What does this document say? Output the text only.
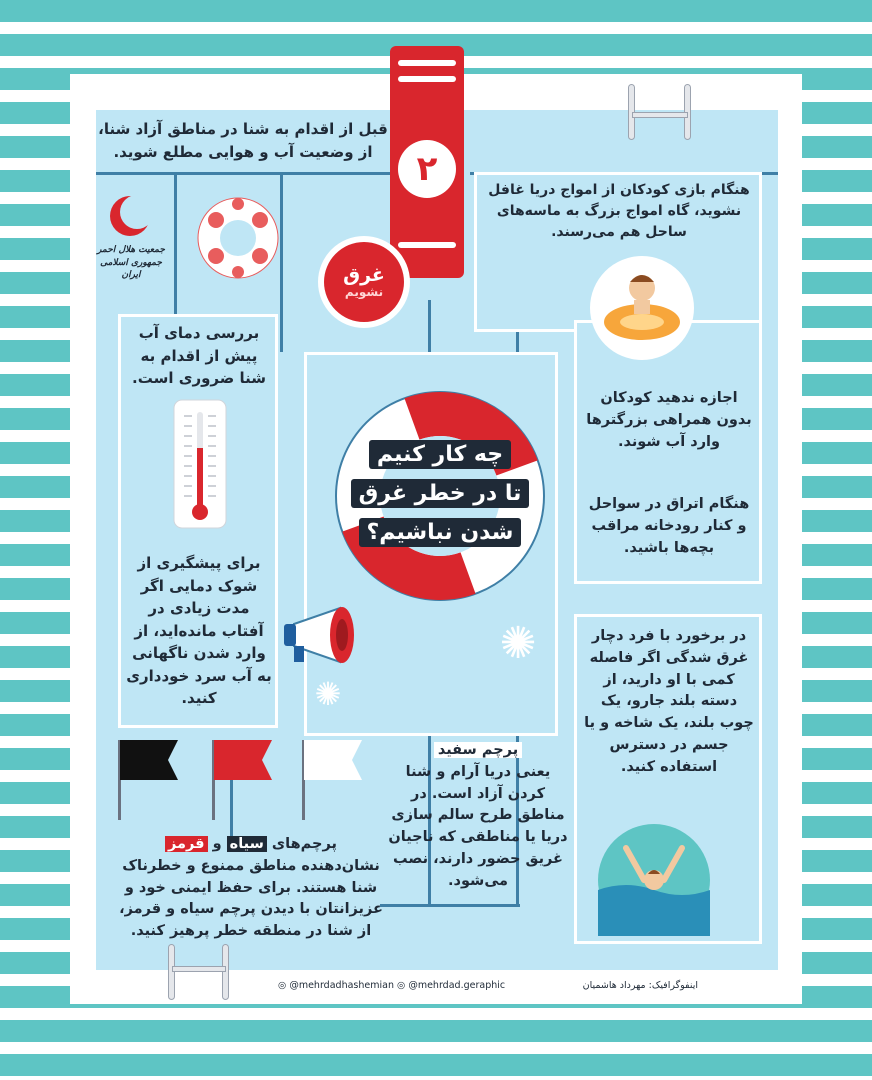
۲
غرق
نشویم
جمعیت هلال احمر
جمهوری اسلامی ایران
قبل از اقدام به شنا در مناطق آزاد شنا، از وضعیت آب و هوایی مطلع شوید.
هنگام بازی کودکان از امواج دریا غافل نشوید، گاه امواج بزرگ به ماسه‌های ساحل هم می‌رسند.
اجازه ندهید کودکان بدون همراهی بزرگترها وارد آب شوند.
هنگام اتراق در سواحل و کنار رودخانه مراقب بچه‌ها باشید.
در برخورد با فرد دچار غرق شدگی اگر فاصله کمی با او دارید، از دسته بلند جارو، یک چوب بلند، یک شاخه و یا جسم در دسترس استفاده کنید.
بررسی دمای آب پیش از اقدام به شنا ضروری است.
برای پیشگیری از شوک دمایی اگر مدت زیادی در آفتاب مانده‌اید، از وارد شدن ناگهانی به آب سرد خودداری کنید.
چه کار کنیم
تا در خطر غرق
شدن نباشیم؟
✺
✺
پرچم‌های سیاه و قرمز
نشان‌دهنده مناطق ممنوع و خطرناک شنا هستند. برای حفظ ایمنی خود و عزیزانتان با دیدن پرچم سیاه و قرمز، از شنا در منطقه خطر پرهیز کنید.
پرچم سفید
یعنی دریا آرام و شنا کردن آزاد است. در مناطق طرح سالم سازی دریا یا مناطقی که ناجیان غریق حضور دارند، نصب می‌شود.
◎ @mehrdadhashemian ◎ @mehrdad.geraphic	اینفوگرافیک: مهرداد هاشمیان
